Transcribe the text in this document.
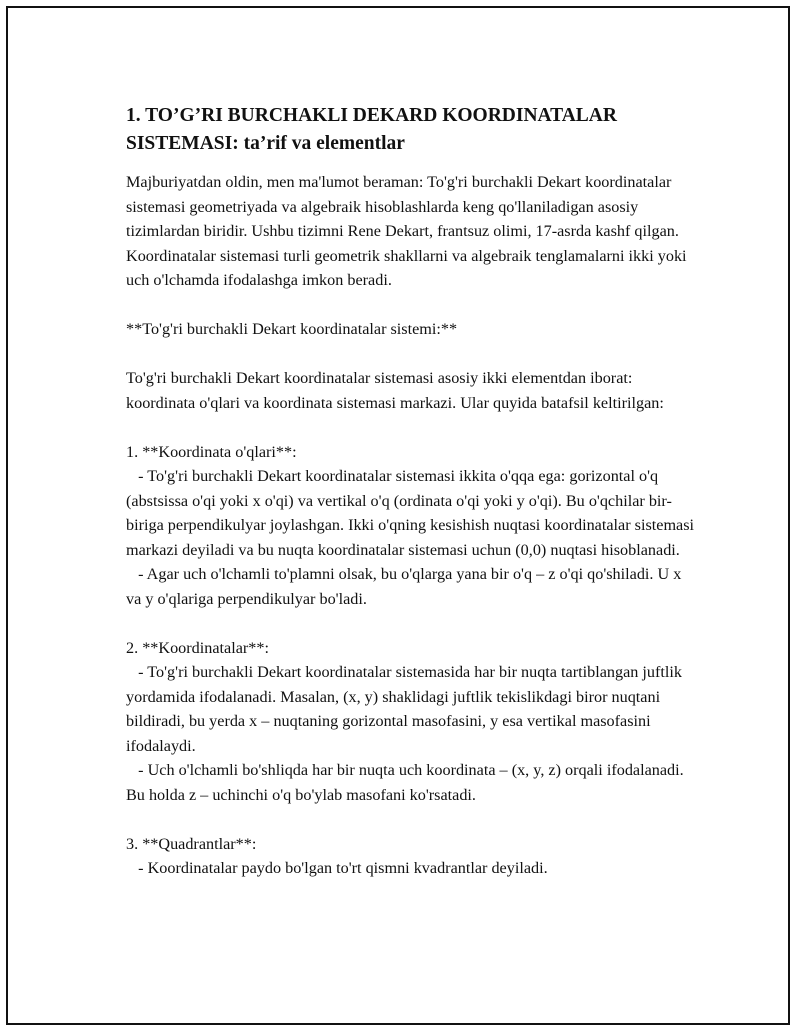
1. TO’G’RI BURCHAKLI DEKARD KOORDINATALAR SISTEMASI: ta’rif va elementlar

Majburiyatdan oldin, men ma'lumot beraman: To'g'ri burchakli Dekart koordinatalar sistemasi geometriyada va algebraik hisoblashlarda keng qo'llaniladigan asosiy tizimlardan biridir. Ushbu tizimni Rene Dekart, frantsuz olimi, 17-asrda kashf qilgan. Koordinatalar sistemasi turli geometrik shakllarni va algebraik tenglamalarni ikki yoki uch o'lchamda ifodalashga imkon beradi.

**To'g'ri burchakli Dekart koordinatalar sistemi:**

To'g'ri burchakli Dekart koordinatalar sistemasi asosiy ikki elementdan iborat: koordinata o'qlari va koordinata sistemasi markazi. Ular quyida batafsil keltirilgan:

1. **Koordinata o'qlari**:
- To'g'ri burchakli Dekart koordinatalar sistemasi ikkita o'qqa ega: gorizontal o'q (abstsissa o'qi yoki x o'qi) va vertikal o'q (ordinata o'qi yoki y o'qi). Bu o'qchilar bir-biriga perpendikulyar joylashgan. Ikki o'qning kesishish nuqtasi koordinatalar sistemasi markazi deyiladi va bu nuqta koordinatalar sistemasi uchun (0,0) nuqtasi hisoblanadi.
- Agar uch o'lchamli to'plamni olsak, bu o'qlarga yana bir o'q – z o'qi qo'shiladi. U x va y o'qlariga perpendikulyar bo'ladi.

2. **Koordinatalar**:
- To'g'ri burchakli Dekart koordinatalar sistemasida har bir nuqta tartiblangan juftlik yordamida ifodalanadi. Masalan, (x, y) shaklidagi juftlik tekislikdagi biror nuqtani bildiradi, bu yerda x – nuqtaning gorizontal masofasini, y esa vertikal masofasini ifodalaydi.
- Uch o'lchamli bo'shliqda har bir nuqta uch koordinata – (x, y, z) orqali ifodalanadi. Bu holda z – uchinchi o'q bo'ylab masofani ko'rsatadi.

3. **Quadrantlar**:
- Koordinatalar paydo bo'lgan to'rt qismni kvadrantlar deyiladi.
